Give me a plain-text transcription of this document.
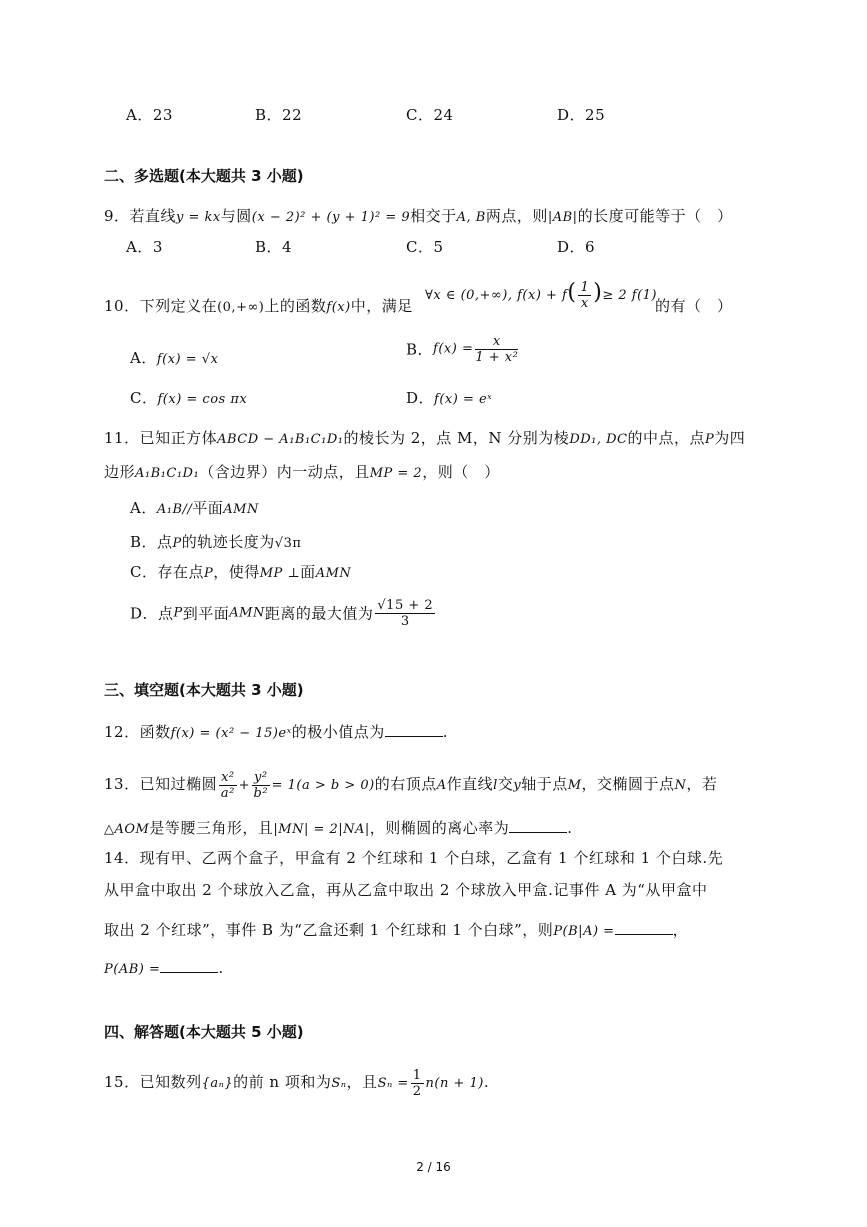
A．23	B．22	C．24	D．25
二、多选题(本大题共 3 小题)
9．若直线y = kx与圆(x − 2)² + (y + 1)² = 9相交于A, B两点，则|AB|的长度可能等于（　）
A．3	B．4	C．5	D．6
10．下列定义在(0,+∞)上的函数f(x)中，满足
∀x ∈ (0,+∞), $f(x) + f( \frac{1}{x}$ )≥ 2 f(1)
的有（　）
A．f(x) = √x
B．$f(x) = \frac{x}{\text{1 + x²}}$
C．f(x) = cos πx	D．f(x) = eˣ
11．已知正方体ABCD − A₁B₁C₁D₁的棱长为 2，点 M，N 分别为棱DD₁, DC的中点，点P为四
边形A₁B₁C₁D₁（含边界）内一动点，且MP = 2，则（　）
A．A₁B//平面AMN
B．点P的轨迹长度为√3π
C．存在点P，使得MP ⊥面AMN
D．点P到平面AMN距离的最大值为 $\frac{√15 + 2}{3}$
三、填空题(本大题共 3 小题)
12．函数f(x) = (x² − 15)eˣ的极小值点为	.
13．已知过椭圆 $\frac{\text{x²}}{\text{a²}} + \frac{\text{y²}}{\text{b²}} = 1(a > b > 0)$的右顶点A作直线l交y轴于点M，交椭圆于点N，若
△AOM是等腰三角形，且|MN| = 2|NA|，则椭圆的离心率为	.
14．现有甲、乙两个盒子，甲盒有 2 个红球和 1 个白球，乙盒有 1 个红球和 1 个白球.先
从甲盒中取出 2 个球放入乙盒，再从乙盒中取出 2 个球放入甲盒.记事件 A 为“从甲盒中
取出 2 个红球”，事件 B 为“乙盒还剩 1 个红球和 1 个白球”，则P(B|A) =	，
P(AB) =	.
四、解答题(本大题共 5 小题)
15．已知数列{aₙ}的前 n 项和为Sₙ，且$S_n = \frac{1}{2} n(n + 1)$.
2 / 16
